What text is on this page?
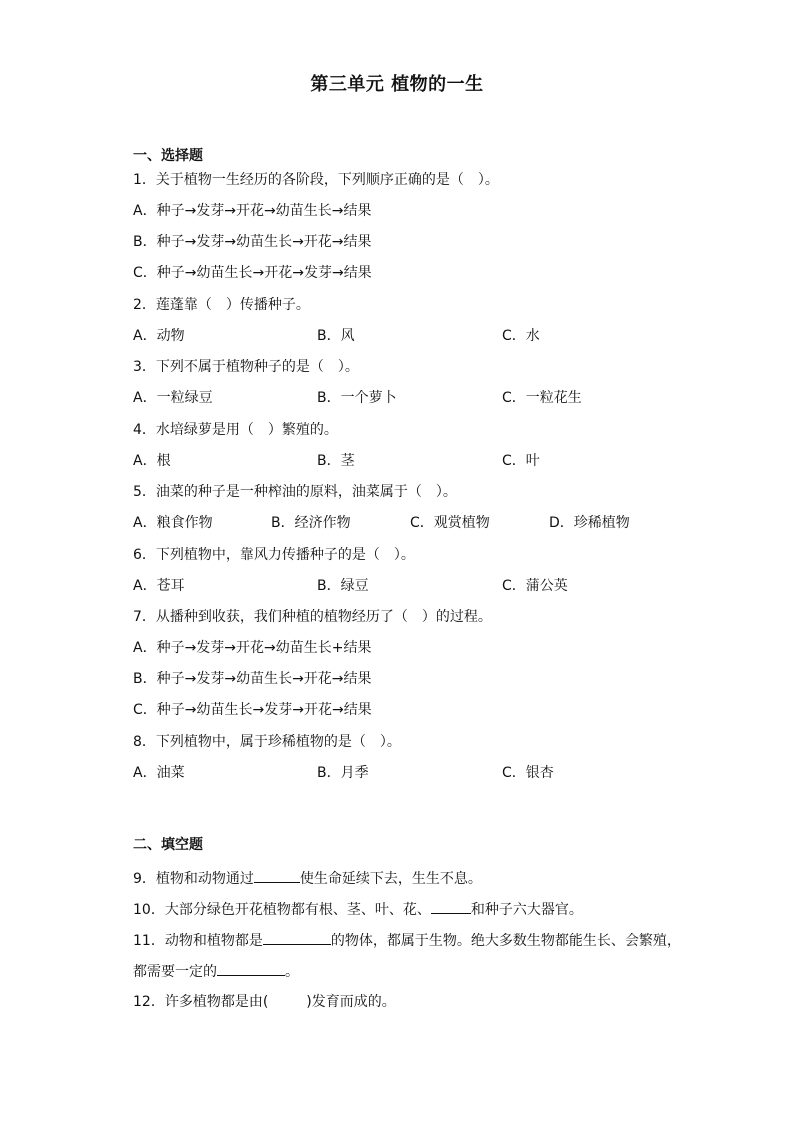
第三单元 植物的一生
一、选择题
1．关于植物一生经历的各阶段，下列顺序正确的是（　）。
A．种子→发芽→开花→幼苗生长→结果
B．种子→发芽→幼苗生长→开花→结果
C．种子→幼苗生长→开花→发芽→结果
2．莲蓬靠（　）传播种子。
A．动物	B．风	C．水
3．下列不属于植物种子的是（　）。
A．一粒绿豆	B．一个萝卜	C．一粒花生
4．水培绿萝是用（　）繁殖的。
A．根	B．茎	C．叶
5．油菜的种子是一种榨油的原料，油菜属于（　）。
A．粮食作物	B．经济作物	C．观赏植物	D．珍稀植物
6．下列植物中，靠风力传播种子的是（　）。
A．苍耳	B．绿豆	C．蒲公英
7．从播种到收获，我们种植的植物经历了（　）的过程。
A．种子→发芽→开花→幼苗生长+结果
B．种子→发芽→幼苗生长→开花→结果
C．种子→幼苗生长→发芽→开花→结果
8．下列植物中，属于珍稀植物的是（　）。
A．油菜	B．月季	C．银杏
二、填空题
9．植物和动物通过	使生命延续下去，生生不息。
10．大部分绿色开花植物都有根、茎、叶、花、	和种子六大器官。
11．动物和植物都是	的物体，都属于生物。绝大多数生物都能生长、会繁殖，
都需要一定的	。
12．许多植物都是由(	)发育而成的。
